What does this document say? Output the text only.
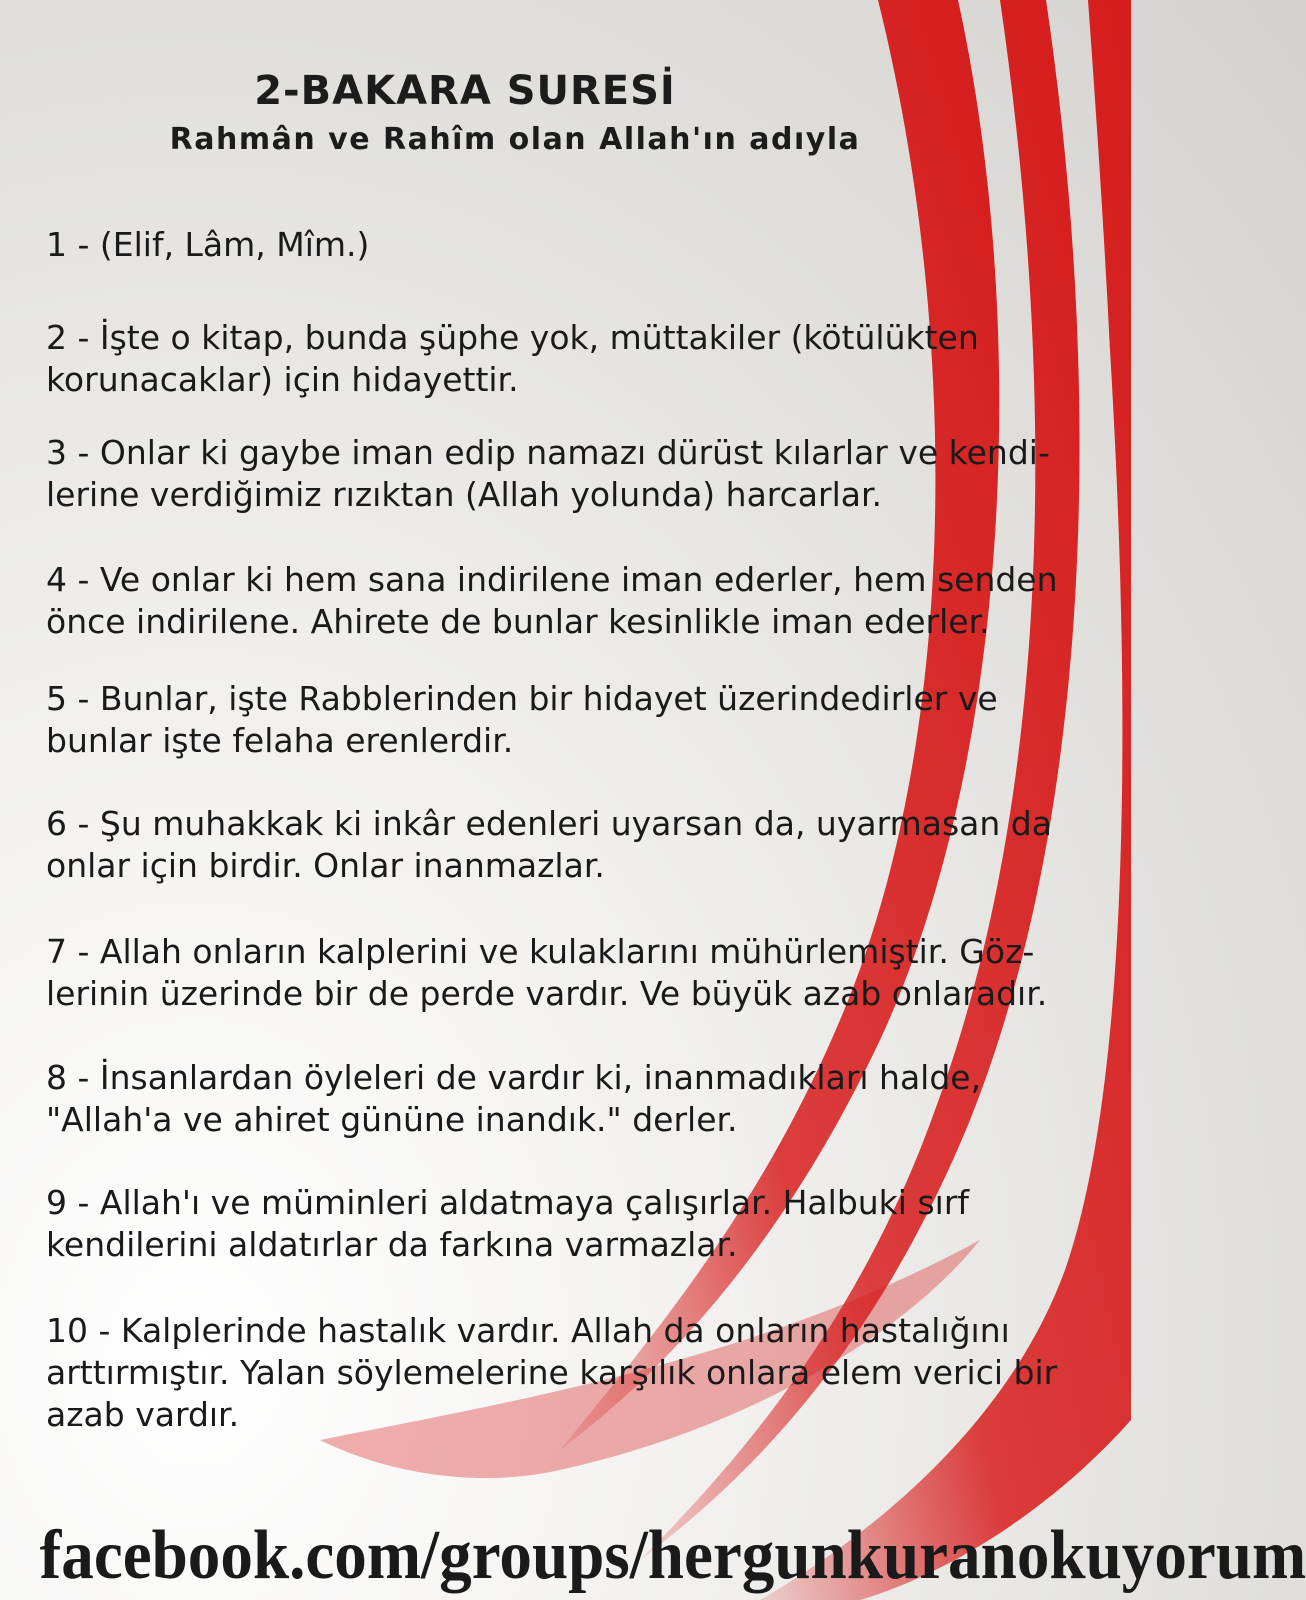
2-BAKARA SURESİ
Rahmân ve Rahîm olan Allah'ın adıyla

1 - (Elif, Lâm, Mîm.)

2 - İşte o kitap, bunda şüphe yok, müttakiler (kötülükten korunacaklar) için hidayettir.

3 - Onlar ki gaybe iman edip namazı dürüst kılarlar ve kendi-lerine verdiğimiz rızıktan (Allah yolunda) harcarlar.

4 - Ve onlar ki hem sana indirilene iman ederler, hem senden önce indirilene. Ahirete de bunlar kesinlikle iman ederler.

5 - Bunlar, işte Rabblerinden bir hidayet üzerindedirler ve bunlar işte felaha erenlerdir.

6 - Şu muhakkak ki inkâr edenleri uyarsan da, uyarmasan da onlar için birdir. Onlar inanmazlar.

7 - Allah onların kalplerini ve kulaklarını mühürlemiştir. Göz-lerinin üzerinde bir de perde vardır. Ve büyük azab onlaradır.

8 - İnsanlardan öyleleri de vardır ki, inanmadıkları halde, "Allah'a ve ahiret gününe inandık." derler.

9 - Allah'ı ve müminleri aldatmaya çalışırlar. Halbuki sırf kendilerini aldatırlar da farkına varmazlar.

10 - Kalplerinde hastalık vardır. Allah da onların hastalığını arttırmıştır. Yalan söylemelerine karşılık onlara elem verici bir azab vardır.

facebook.com/groups/hergunkuranokuyorum
